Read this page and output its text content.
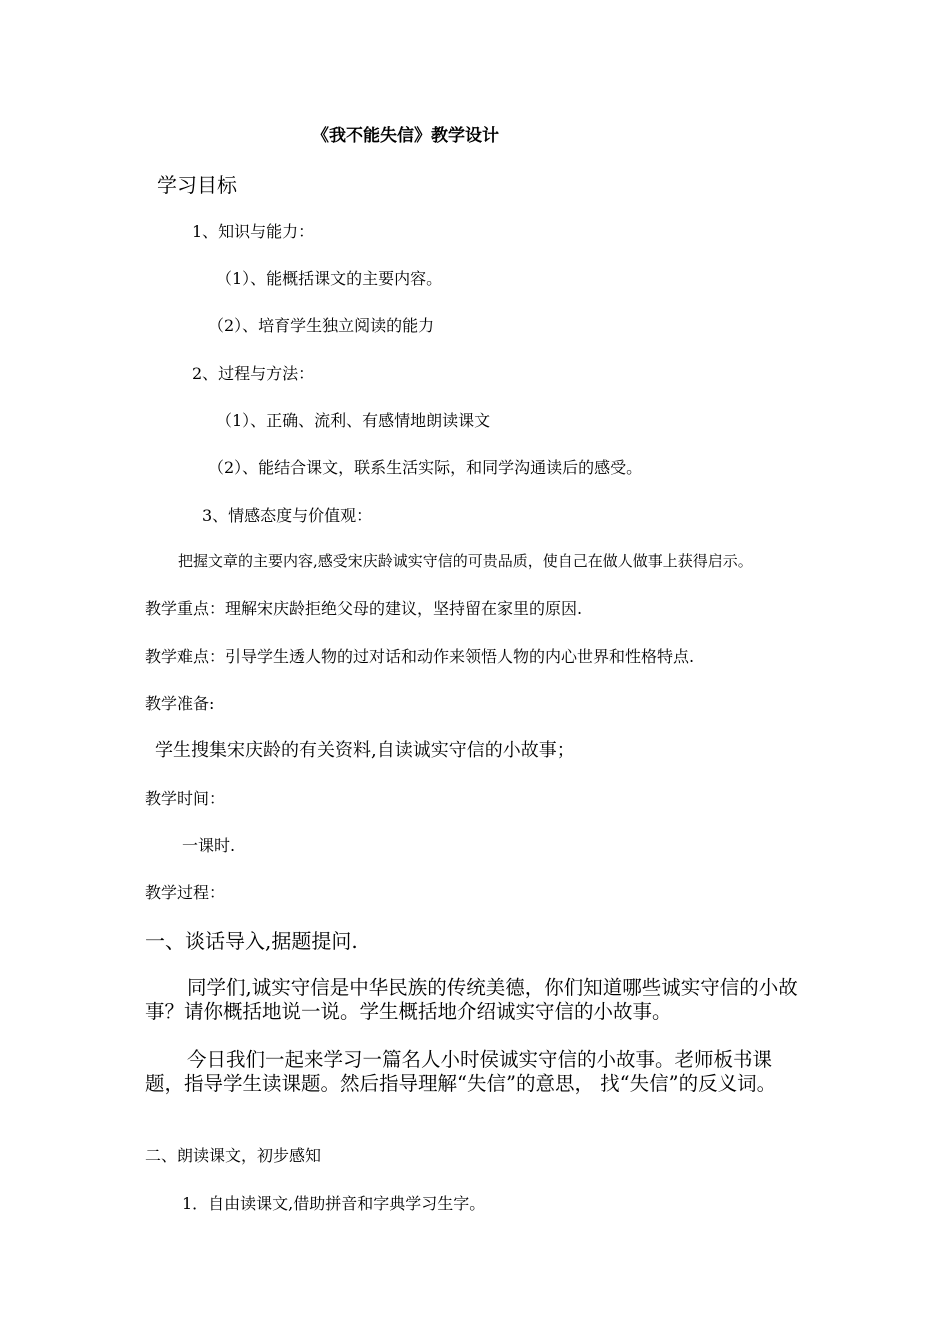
《我不能失信》教学设计
学习目标
1、知识与能力：
（1）、能概括课文的主要内容。
（2）、培育学生独立阅读的能力
2、过程与方法：
（1）、正确、流利、有感情地朗读课文
（2）、能结合课文，联系生活实际，和同学沟通读后的感受。
3、情感态度与价值观：
把握文章的主要内容,感受宋庆龄诚实守信的可贵品质，使自己在做人做事上获得启示。
教学重点：理解宋庆龄拒绝父母的建议，坚持留在家里的原因.
教学难点：引导学生透人物的过对话和动作来领悟人物的内心世界和性格特点.
教学准备:
学生搜集宋庆龄的有关资料,自读诚实守信的小故事；
教学时间：
一课时.
教学过程：
一、谈话导入,据题提问.
同学们,诚实守信是中华民族的传统美德，你们知道哪些诚实守信的小故事？请你概括地说一说。学生概括地介绍诚实守信的小故事。
今日我们一起来学习一篇名人小时侯诚实守信的小故事。老师板书课题，指导学生读课题。然后指导理解“失信”的意思， 找“失信”的反义词。
二、朗读课文，初步感知
1．自由读课文,借助拼音和字典学习生字。
